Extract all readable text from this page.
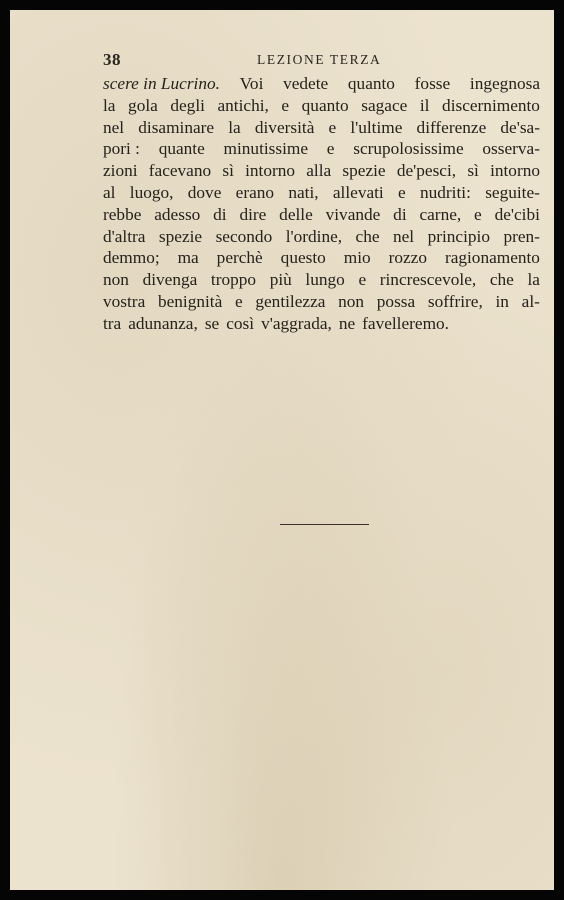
38	LEZIONE TERZA
scere in Lucrino. Voi vedete quanto fosse ingegnosa
la gola degli antichi, e quanto sagace il discernimento
nel disaminare la diversità e l'ultime differenze de'sa-
pori : quante minutissime e scrupolosissime osserva-
zioni facevano sì intorno alla spezie de'pesci, sì intorno
al luogo, dove erano nati, allevati e nudriti: seguite-
rebbe adesso di dire delle vivande di carne, e de'cibi
d'altra spezie secondo l'ordine, che nel principio pren-
demmo; ma perchè questo mio rozzo ragionamento
non divenga troppo più lungo e rincrescevole, che la
vostra benignità e gentilezza non possa soffrire, in al-
tra adunanza, se così v'aggrada, ne favelleremo.
